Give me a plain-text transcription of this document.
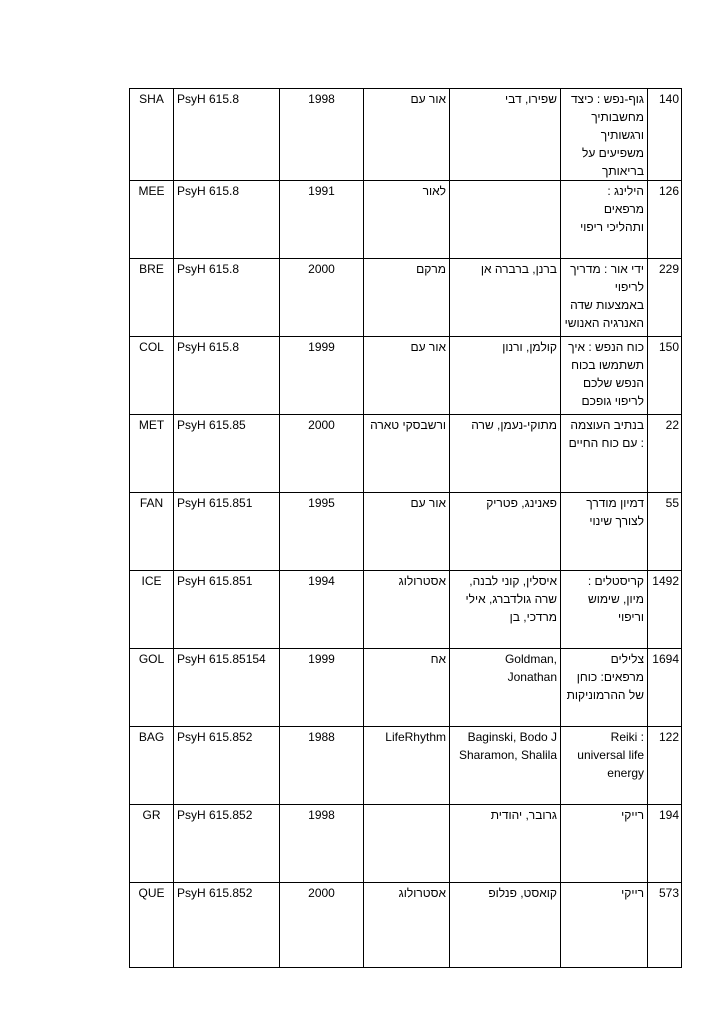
SHA	PsyH 615.8	1998	אור עם	שפירו, דבי	גוף-נפש : כיצד מחשבותיך ורגשותיך משפיעים על בריאותך	140
MEE	PsyH 615.8	1991	לאור		הילינג : מרפאים ותהליכי ריפוי	126
BRE	PsyH 615.8	2000	מרקם	ברנן, ברברה אן	ידי אור : מדריך לריפוי באמצעות שדה האנרגיה האנושי	229
COL	PsyH 615.8	1999	אור עם	קולמן, ורנון	כוח הנפש : איך תשתמשו בכוח הנפש שלכם לריפוי גופכם	150
MET	PsyH 615.85	2000	ורשבסקי טארה	מתוקי-נעמן, שרה	בנתיב העוצמה : עם כוח החיים	22
FAN	PsyH 615.851	1995	אור עם	פאנינג, פטריק	דמיון מודרך לצורך שינוי	55
ICE	PsyH 615.851	1994	אסטרולוג	איסלין, קוני לבנה, שרה גולדברג, אילי מרדכי, בן	קריסטלים : מיון, שימוש וריפוי	1492
GOL	PsyH 615.85154	1999	אח	Goldman, Jonathan	צלילים מרפאים: כוחן של ההרמוניקות	1694
BAG	PsyH 615.852	1988	LifeRhythm	Baginski, Bodo J Sharamon, Shalila	Reiki : universal life energy	122
GR	PsyH 615.852	1998		גרובר, יהודית	רייקי	194
QUE	PsyH 615.852	2000	אסטרולוג	קואסט, פנלופ	רייקי	573
